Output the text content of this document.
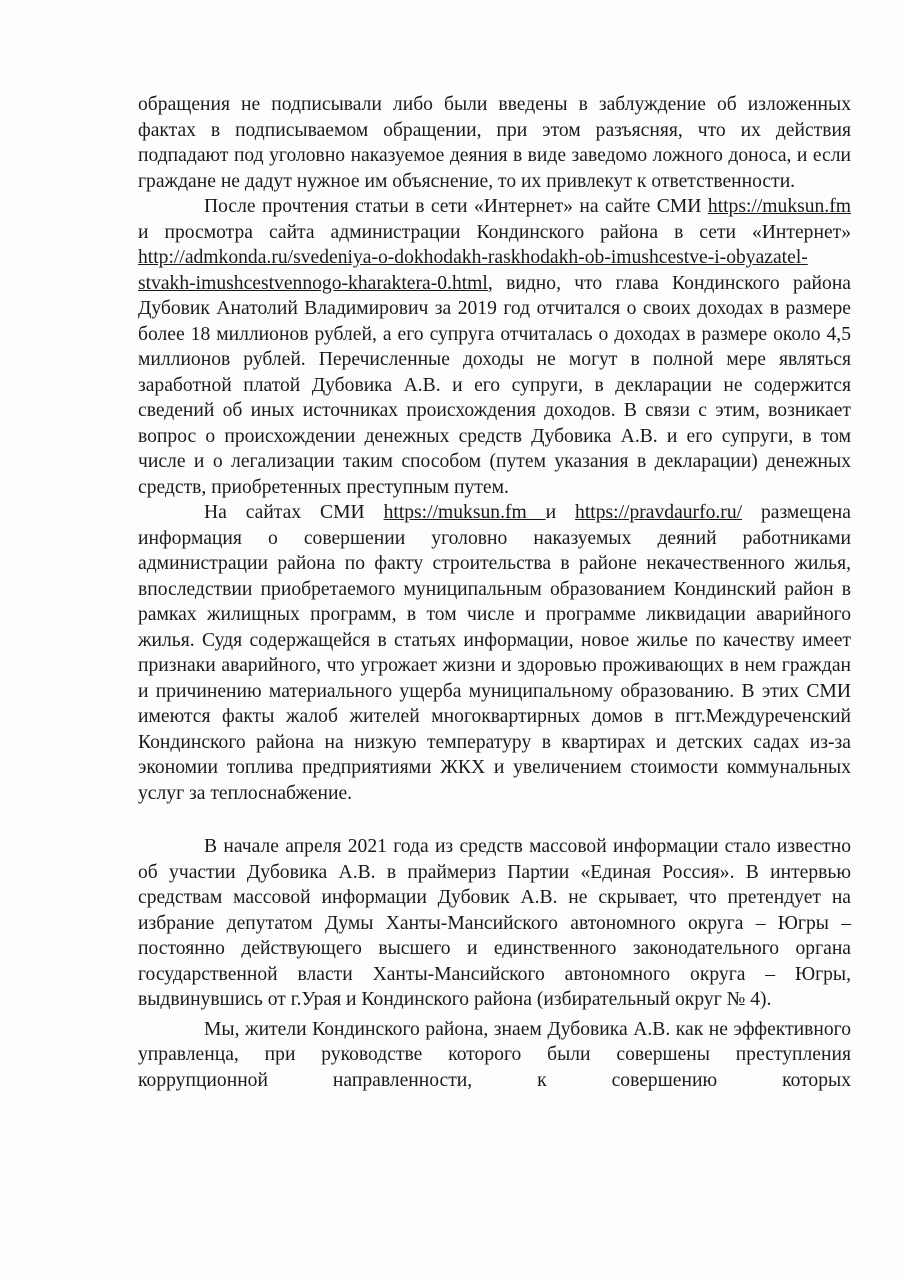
обращения не подписывали либо были введены в заблуждение об изложенных фактах в подписываемом обращении, при этом разъясняя, что их действия подпадают под уголовно наказуемое деяния в виде заведомо ложного доноса, и если граждане не дадут нужное им объяснение, то их привлекут к ответственности.

После прочтения статьи в сети «Интернет» на сайте СМИ https://muksun.fm и просмотра сайта администрации Кондинского района в сети «Интернет» http://admkonda.ru/svedeniya-o-dokhodakh-raskhodakh-ob-imushcestve-i-obyazatel-stvakh-imushcestvennogo-kharaktera-0.html, видно, что глава Кондинского района Дубовик Анатолий Владимирович за 2019 год отчитался о своих доходах в размере более 18 миллионов рублей, а его супруга отчиталась о доходах в размере около 4,5 миллионов рублей. Перечисленные доходы не могут в полной мере являться заработной платой Дубовика А.В. и его супруги, в декларации не содержится сведений об иных источниках происхождения доходов. В связи с этим, возникает вопрос о происхождении денежных средств Дубовика А.В. и его супруги, в том числе и о легализации таким способом (путем указания в декларации) денежных средств, приобретенных преступным путем.

На сайтах СМИ https://muksun.fm и https://pravdaurfo.ru/ размещена информация о совершении уголовно наказуемых деяний работниками администрации района по факту строительства в районе некачественного жилья, впоследствии приобретаемого муниципальным образованием Кондинский район в рамках жилищных программ, в том числе и программе ликвидации аварийного жилья. Судя содержащейся в статьях информации, новое жилье по качеству имеет признаки аварийного, что угрожает жизни и здоровью проживающих в нем граждан и причинению материального ущерба муниципальному образованию. В этих СМИ имеются факты жалоб жителей многоквартирных домов в пгт.Междуреченский Кондинского района на низкую температуру в квартирах и детских садах из-за экономии топлива предприятиями ЖКХ и увеличением стоимости коммунальных услуг за теплоснабжение.

В начале апреля 2021 года из средств массовой информации стало известно об участии Дубовика А.В. в праймериз Партии «Единая Россия». В интервью средствам массовой информации Дубовик А.В. не скрывает, что претендует на избрание депутатом Думы Ханты-Мансийского автономного округа – Югры – постоянно действующего высшего и единственного законодательного органа государственной власти Ханты-Мансийского автономного округа – Югры, выдвинувшись от г.Урая и Кондинского района (избирательный округ № 4).

Мы, жители Кондинского района, знаем Дубовика А.В. как не эффективного управленца, при руководстве которого были совершены преступления коррупционной направленности, к совершению которых
